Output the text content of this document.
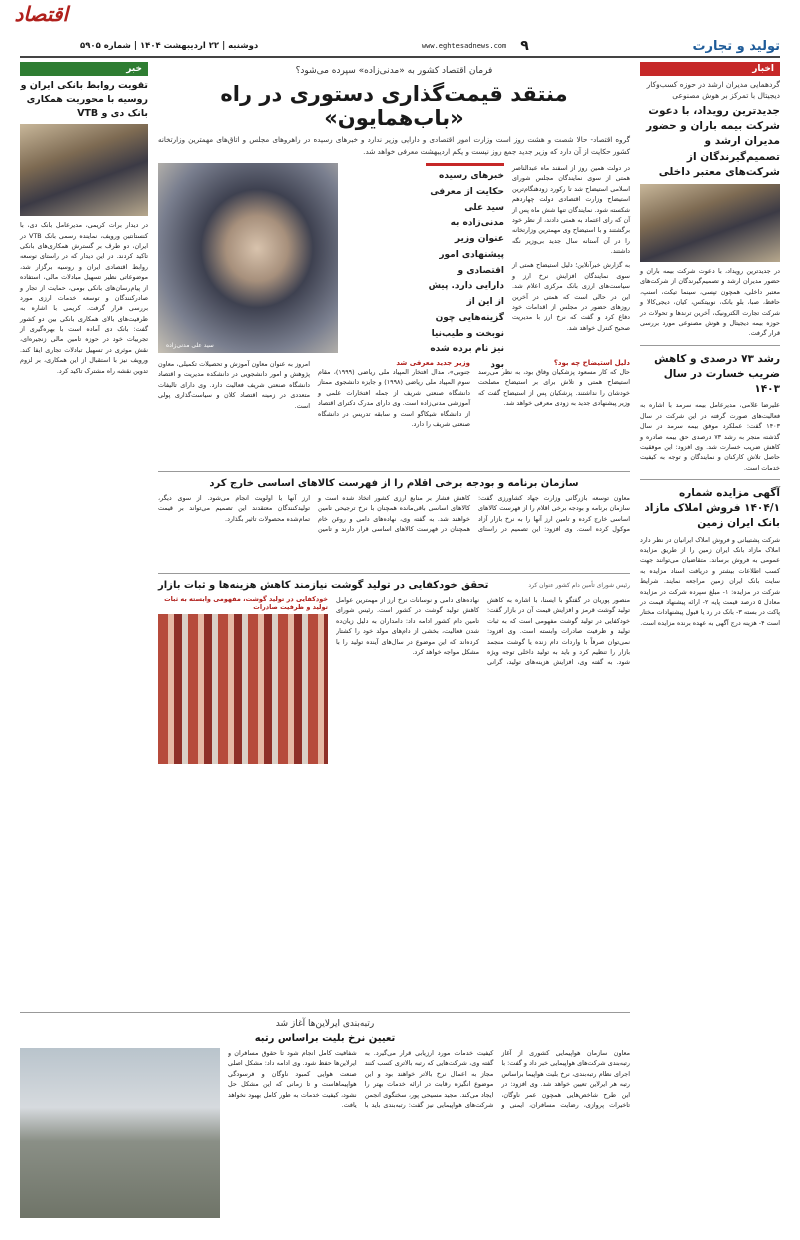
اقتصاد
تولید و تجارت
۹
www.eghtesadnews.com
دوشنبه | ۲۲ اردیبهشت ۱۴۰۴ | شماره ۵۹۰۵
اخبار
گردهمایی مدیران ارشد در حوزه کسب‌وکار دیجیتال با تمرکز بر هوش مصنوعی
جدیدترین رویداد، با دعوت شرکت بیمه باران و حضور مدیران ارشد و تصمیم‌گیرندگان از شرکت‌های معتبر داخلی
در جدیدترین رویداد، با دعوت شرکت بیمه باران و حضور مدیران ارشد و تصمیم‌گیرندگان از شرکت‌های معتبر داخلی، همچون تپسی، سینما تیکت، اسنپ، حافظ، صبا، بلو بانک، نوبیتکس، کیان، دیجی‌کالا و شرکت تجارت الکترونیک، آخرین ترندها و تحولات در حوزه بیمه دیجیتال و هوش مصنوعی مورد بررسی قرار گرفت.
رشد ۷۳ درصدی و کاهش ضریب خسارت در سال ۱۴۰۳
علیرضا غلامی، مدیرعامل بیمه سرمد با اشاره به فعالیت‌های صورت گرفته در این شرکت در سال ۱۴۰۳ گفت: عملکرد موفق بیمه سرمد در سال گذشته منجر به رشد ۷۳ درصدی حق بیمه صادره و کاهش ضریب خسارت شد. وی افزود: این موفقیت حاصل تلاش کارکنان و نمایندگان و توجه به کیفیت خدمات است.
آگهی مزایده شماره ۱۴۰۴/۱ فروش املاک مازاد بانک ایران زمین
شرکت پشتیبانی و فروش املاک ایرانیان در نظر دارد املاک مازاد بانک ایران زمین را از طریق مزایده عمومی به فروش برساند. متقاضیان می‌توانند جهت کسب اطلاعات بیشتر و دریافت اسناد مزایده به سایت بانک ایران زمین مراجعه نمایند. شرایط شرکت در مزایده: ۱- مبلغ سپرده شرکت در مزایده معادل ۵ درصد قیمت پایه ۲- ارائه پیشنهاد قیمت در پاکت در بسته ۳- بانک در رد یا قبول پیشنهادات مختار است ۴- هزینه درج آگهی به عهده برنده مزایده است.
خبر
تقویت روابط بانکی ایران و روسیه با محوریت همکاری بانک دی و VTB
در دیدار برات کریمی، مدیرعامل بانک دی، با کنستانتین ورویف، نماینده رسمی بانک VTB در ایران، دو طرف بر گسترش همکاری‌های بانکی تاکید کردند. در این دیدار که در راستای توسعه روابط اقتصادی ایران و روسیه برگزار شد، موضوعاتی نظیر تسهیل مبادلات مالی، استفاده از پیام‌رسان‌های بانکی بومی، حمایت از تجار و صادرکنندگان و توسعه خدمات ارزی مورد بررسی قرار گرفت. کریمی با اشاره به ظرفیت‌های بالای همکاری بانکی بین دو کشور گفت: بانک دی آماده است با بهره‌گیری از تجربیات خود در حوزه تامین مالی زنجیره‌ای، نقش موثری در تسهیل تبادلات تجاری ایفا کند. ورویف نیز با استقبال از این همکاری، بر لزوم تدوین نقشه راه مشترک تاکید کرد.
فرمان اقتصاد کشور به «مدنی‌زاده» سپرده می‌شود؟
منتقد قیمت‌گذاری دستوری در راه «باب‌همایون»
گروه اقتصاد- حالا شصت و هشت روز است وزارت امور اقتصادی و دارایی وزیر ندارد و خبرهای رسیده در راهروهای مجلس و اتاق‌های مهمترین وزارتخانه کشور حکایت از آن دارد که وزیر جدید جمع روز نیست و یکم اردیبهشت معرفی خواهد شد.
در دولت همین روز از اسفند ماه عبدالناصر همتی از سوی نمایندگان مجلس شورای اسلامی استیضاح شد تا رکورد زودهنگام‌ترین استیضاح وزارت اقتصادی دولت چهاردهم شکسته شود. نمایندگان تنها شش ماه پس از آن که رای اعتماد به همتی دادند، از نظر خود برگشتند و با استیضاح وی مهمترین وزارتخانه را در آن آستانه سال جدید بی‌وزیر نگه داشتند.
به گزارش خبرآنلاین؛ دلیل استیضاح همتی از سوی نمایندگان افزایش نرخ ارز و سیاست‌های ارزی بانک مرکزی اعلام شد. این در حالی است که همتی در آخرین روزهای حضور در مجلس از اقدامات خود دفاع کرد و گفت که نرخ ارز با مدیریت صحیح کنترل خواهد شد.
خبرهای رسیده حکایت از معرفی سید علی مدنی‌زاده به عنوان وزیر پیشنهادی امور اقتصادی و دارایی دارد. پیش از این از گزینه‌هایی چون نوبخت و طیب‌نیا نیز نام برده شده بود
سید علی مدنی‌زاده
دلیل استیضاح چه بود؟
حال که کار مسعود پزشکیان وفاق بود، به نظر می‌رسد استیضاح همتی و تلاش برای بر استیضاح مصلحت خودشان را نداشتند. پزشکیان پس از استیضاح گفت که وزیر پیشنهادی جدید به زودی معرفی خواهد شد.
وزیر جدید معرفی شد
جنوبی»، مدال افتخار المپیاد ملی ریاضی (۱۹۹۹)، مقام سوم المپیاد ملی ریاضی (۱۹۹۸) و جایزه دانشجوی ممتاز دانشگاه صنعتی شریف از جمله افتخارات علمی و آموزشی مدنی‌زاده است. وی دارای مدرک دکترای اقتصاد از دانشگاه شیکاگو است و سابقه تدریس در دانشگاه صنعتی شریف را دارد.
امروز به عنوان معاون آموزش و تحصیلات تکمیلی، معاون پژوهش و امور دانشجویی در دانشکده مدیریت و اقتصاد دانشگاه صنعتی شریف فعالیت دارد. وی دارای تالیفات متعددی در زمینه اقتصاد کلان و سیاست‌گذاری پولی است.
سازمان برنامه و بودجه برخی اقلام را از فهرست کالاهای اساسی خارج کرد
معاون توسعه بازرگانی وزارت جهاد کشاورزی گفت: سازمان برنامه و بودجه برخی اقلام را از فهرست کالاهای اساسی خارج کرده و تامین ارز آنها را به نرخ بازار آزاد موکول کرده است. وی افزود: این تصمیم در راستای کاهش فشار بر منابع ارزی کشور اتخاذ شده است و کالاهای اساسی باقی‌مانده همچنان با نرخ ترجیحی تامین خواهند شد. به گفته وی، نهاده‌های دامی و روغن خام همچنان در فهرست کالاهای اساسی قرار دارند و تامین ارز آنها با اولویت انجام می‌شود. از سوی دیگر، تولیدکنندگان معتقدند این تصمیم می‌تواند بر قیمت تمام‌شده محصولات تاثیر بگذارد.
رئیس شورای تأمین دام کشور عنوان کرد
تحقق خودکفایی در تولید گوشت نیازمند کاهش هزینه‌ها و ثبات بازار
منصور پوریان در گفتگو با ایسنا، با اشاره به کاهش تولید گوشت قرمز و افزایش قیمت آن در بازار گفت: خودکفایی در تولید گوشت مفهومی است که به ثبات تولید و ظرفیت صادرات وابسته است. وی افزود: نمی‌توان صرفاً با واردات دام زنده یا گوشت منجمد بازار را تنظیم کرد و باید به تولید داخلی توجه ویژه شود. به گفته وی، افزایش هزینه‌های تولید، گرانی نهاده‌های دامی و نوسانات نرخ ارز از مهمترین عوامل کاهش تولید گوشت در کشور است. رئیس شورای تامین دام کشور ادامه داد: دامداران به دلیل زیان‌ده شدن فعالیت، بخشی از دام‌های مولد خود را کشتار کرده‌اند که این موضوع در سال‌های آینده تولید را با مشکل مواجه خواهد کرد.
خودکفایی در تولید گوشت، مفهومی وابسته به ثبات تولید و ظرفیت صادرات
رتبه‌بندی ایرلاین‌ها آغاز شد
تعیین نرخ بلیت براساس رتبه
معاون سازمان هواپیمایی کشوری از آغاز رتبه‌بندی شرکت‌های هواپیمایی خبر داد و گفت: با اجرای نظام رتبه‌بندی، نرخ بلیت هواپیما براساس رتبه هر ایرلاین تعیین خواهد شد. وی افزود: در این طرح شاخص‌هایی همچون عمر ناوگان، تاخیرات پروازی، رضایت مسافران، ایمنی و کیفیت خدمات مورد ارزیابی قرار می‌گیرد. به گفته وی، شرکت‌هایی که رتبه بالاتری کسب کنند مجاز به اعمال نرخ بالاتر خواهند بود و این موضوع انگیزه رقابت در ارائه خدمات بهتر را ایجاد می‌کند. مجید مسیحی پور، سخنگوی انجمن شرکت‌های هواپیمایی نیز گفت: رتبه‌بندی باید با شفافیت کامل انجام شود تا حقوق مسافران و ایرلاین‌ها حفظ شود. وی ادامه داد: مشکل اصلی صنعت هوایی کمبود ناوگان و فرسودگی هواپیماهاست و تا زمانی که این مشکل حل نشود، کیفیت خدمات به طور کامل بهبود نخواهد یافت.
